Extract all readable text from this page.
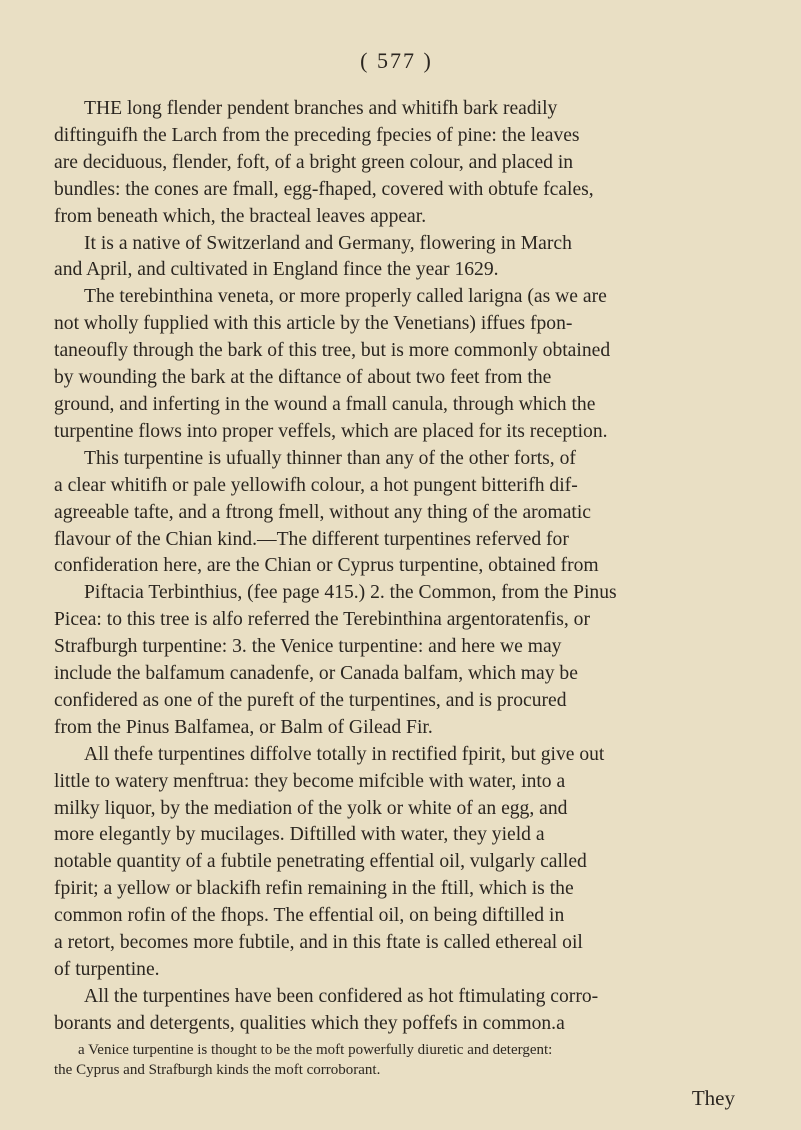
( 577 )
THE long flender pendent branches and whitifh bark readily
diftinguifh the Larch from the preceding fpecies of pine: the leaves
are deciduous, flender, foft, of a bright green colour, and placed in
bundles: the cones are fmall, egg-fhaped, covered with obtufe fcales,
from beneath which, the bracteal leaves appear.
It is a native of Switzerland and Germany, flowering in March
and April, and cultivated in England fince the year 1629.
The terebinthina veneta, or more properly called larigna (as we are
not wholly fupplied with this article by the Venetians) iffues fpon-
taneoufly through the bark of this tree, but is more commonly obtained
by wounding the bark at the diftance of about two feet from the
ground, and inferting in the wound a fmall canula, through which the
turpentine flows into proper veffels, which are placed for its reception.
This turpentine is ufually thinner than any of the other forts, of
a clear whitifh or pale yellowifh colour, a hot pungent bitterifh dif-
agreeable tafte, and a ftrong fmell, without any thing of the aromatic
flavour of the Chian kind.—The different turpentines referved for
confideration here, are the Chian or Cyprus turpentine, obtained from
Piftacia Terbinthius, (fee page 415.) 2. the Common, from the Pinus
Picea: to this tree is alfo referred the Terebinthina argentoratenfis, or
Strafburgh turpentine: 3. the Venice turpentine: and here we may
include the balfamum canadenfe, or Canada balfam, which may be
confidered as one of the pureft of the turpentines, and is procured
from the Pinus Balfamea, or Balm of Gilead Fir.
All thefe turpentines diffolve totally in rectified fpirit, but give out
little to watery menftrua: they become mifcible with water, into a
milky liquor, by the mediation of the yolk or white of an egg, and
more elegantly by mucilages. Diftilled with water, they yield a
notable quantity of a fubtile penetrating effential oil, vulgarly called
fpirit; a yellow or blackifh refin remaining in the ftill, which is the
common rofin of the fhops. The effential oil, on being diftilled in
a retort, becomes more fubtile, and in this ftate is called ethereal oil
of turpentine.
All the turpentines have been confidered as hot ftimulating corro-
borants and detergents, qualities which they poffefs in common.a
a Venice turpentine is thought to be the moft powerfully diuretic and detergent:
the Cyprus and Strafburgh kinds the moft corroborant.
They
